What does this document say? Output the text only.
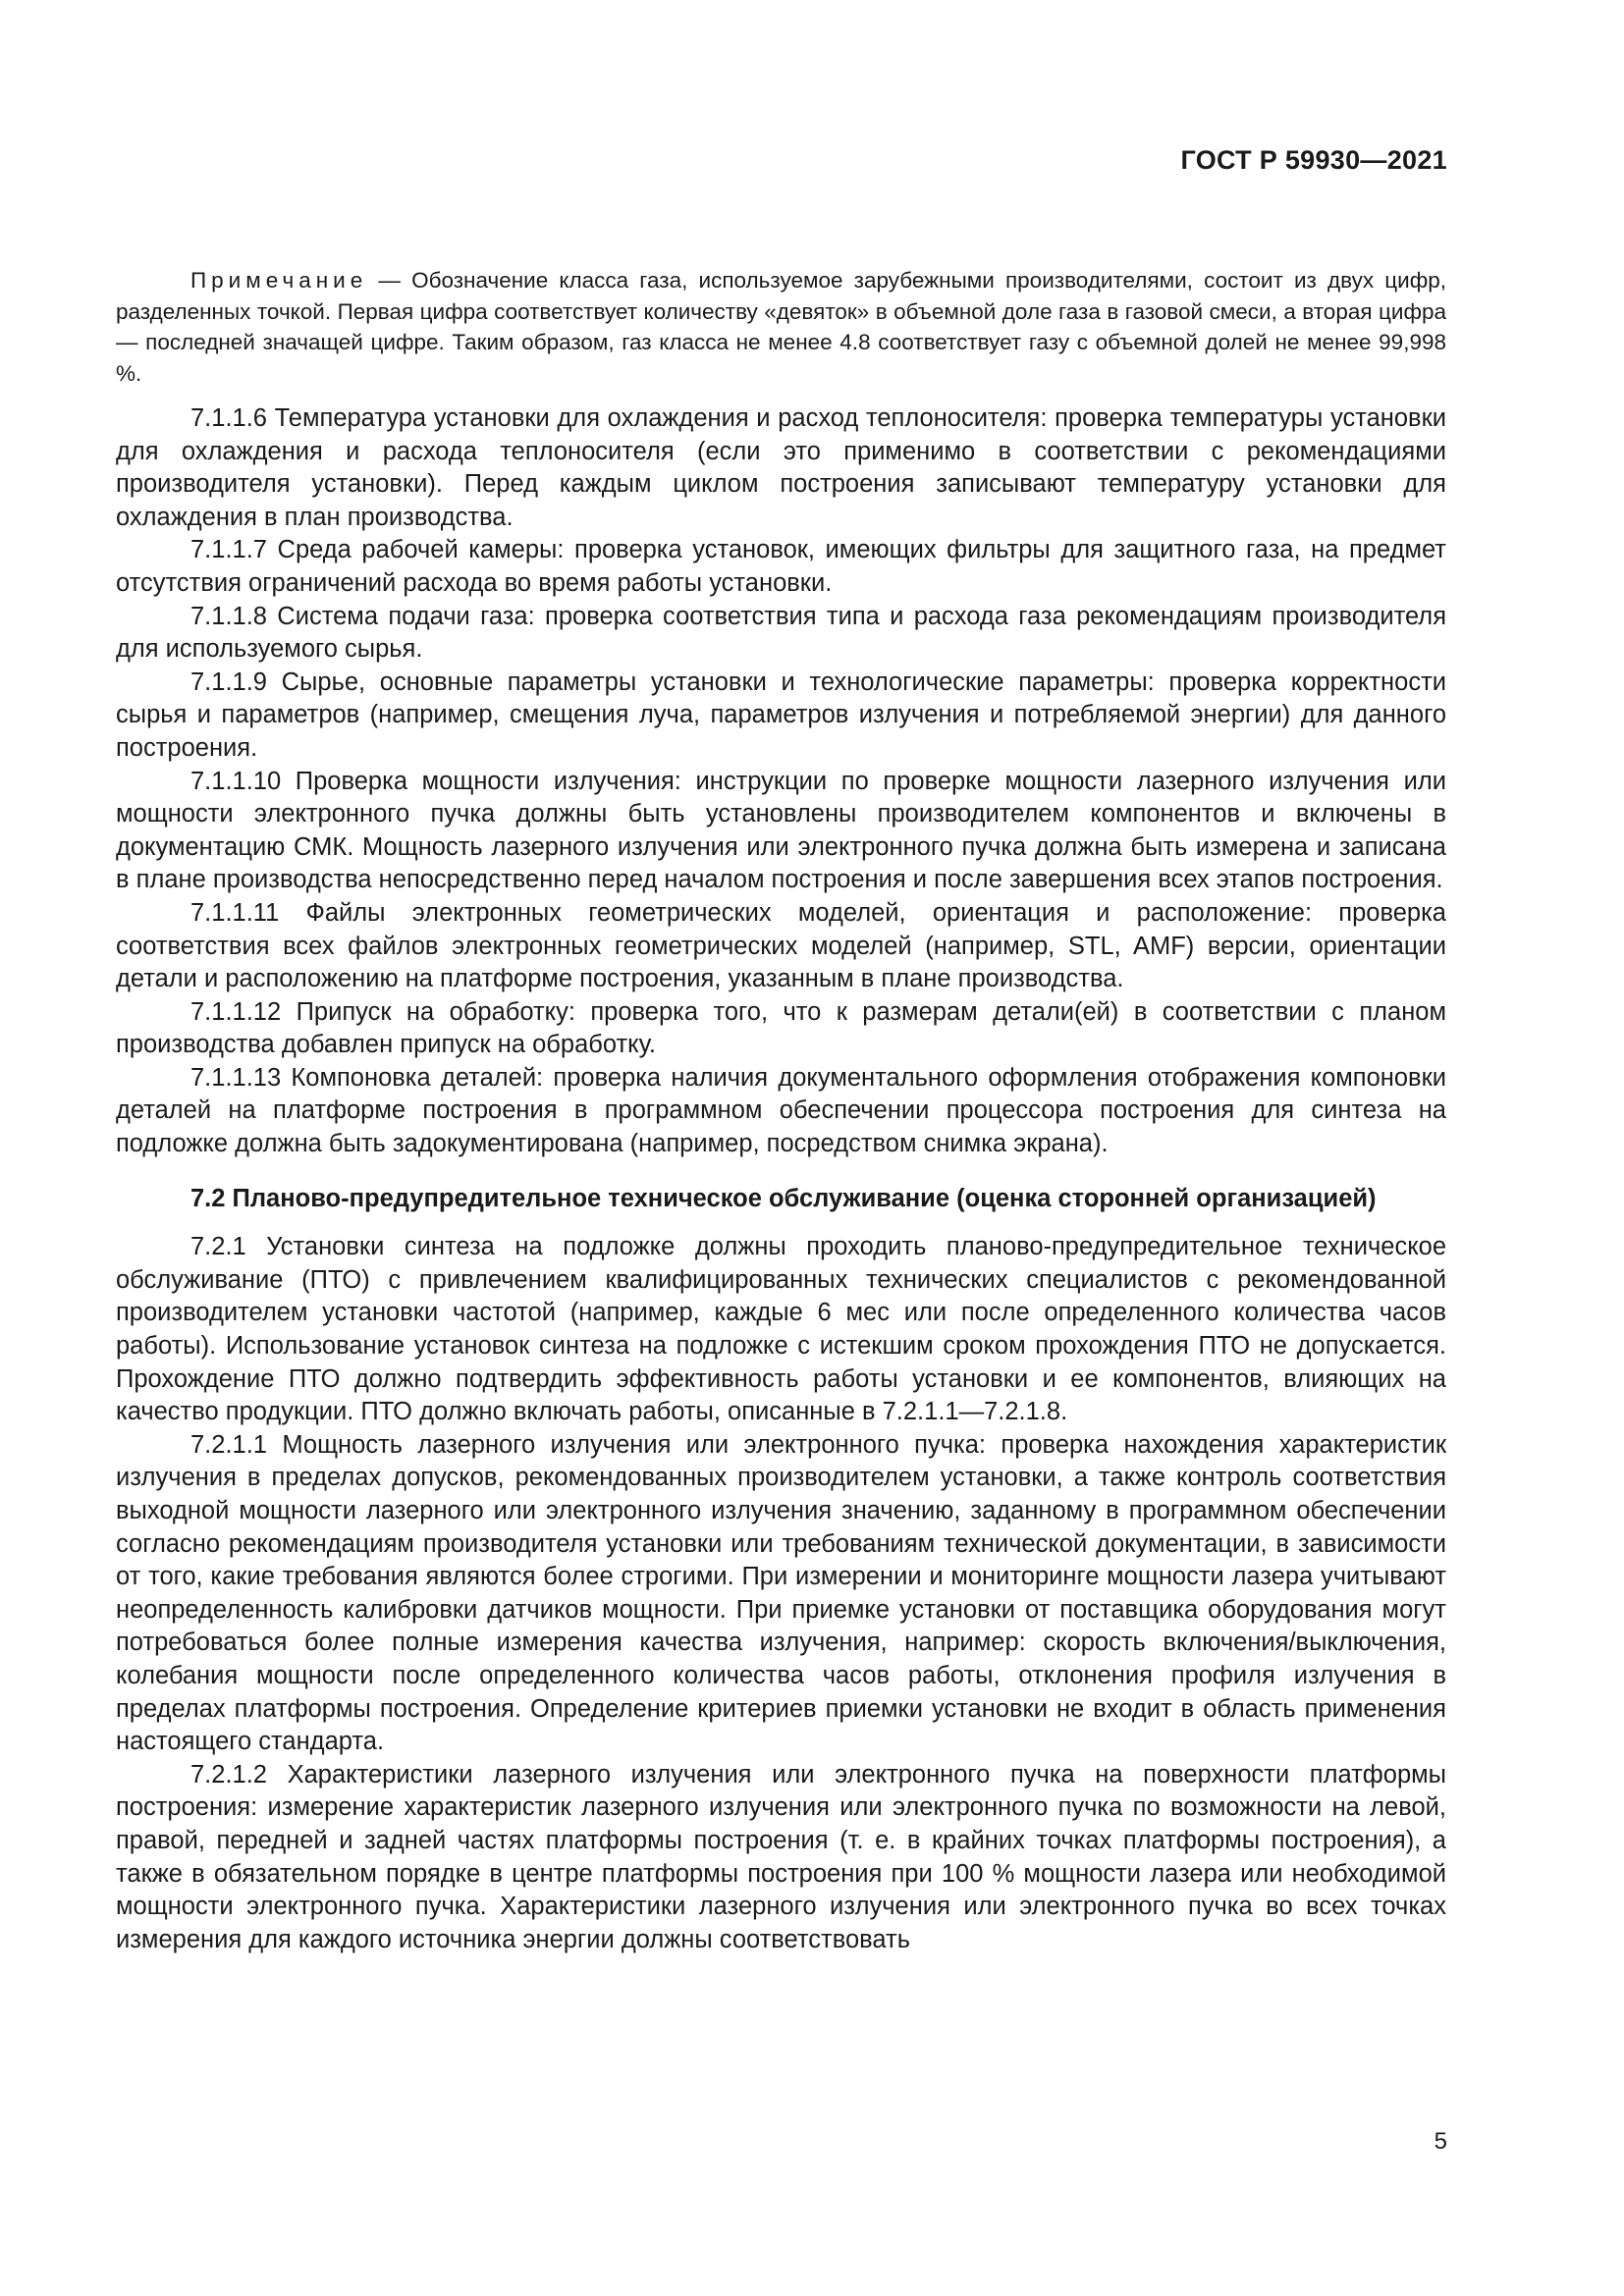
ГОСТ Р 59930—2021

Примечание — Обозначение класса газа, используемое зарубежными производителями, состоит из двух цифр, разделенных точкой. Первая цифра соответствует количеству «девяток» в объемной доле газа в газовой смеси, а вторая цифра — последней значащей цифре. Таким образом, газ класса не менее 4.8 соответствует газу с объемной долей не менее 99,998 %.

7.1.1.6 Температура установки для охлаждения и расход теплоносителя: проверка температуры установки для охлаждения и расхода теплоносителя (если это применимо в соответствии с рекомендациями производителя установки). Перед каждым циклом построения записывают температуру установки для охлаждения в план производства.

7.1.1.7 Среда рабочей камеры: проверка установок, имеющих фильтры для защитного газа, на предмет отсутствия ограничений расхода во время работы установки.

7.1.1.8 Система подачи газа: проверка соответствия типа и расхода газа рекомендациям производителя для используемого сырья.

7.1.1.9 Сырье, основные параметры установки и технологические параметры: проверка корректности сырья и параметров (например, смещения луча, параметров излучения и потребляемой энергии) для данного построения.

7.1.1.10 Проверка мощности излучения: инструкции по проверке мощности лазерного излучения или мощности электронного пучка должны быть установлены производителем компонентов и включены в документацию СМК. Мощность лазерного излучения или электронного пучка должна быть измерена и записана в плане производства непосредственно перед началом построения и после завершения всех этапов построения.

7.1.1.11 Файлы электронных геометрических моделей, ориентация и расположение: проверка соответствия всех файлов электронных геометрических моделей (например, STL, AMF) версии, ориентации детали и расположению на платформе построения, указанным в плане производства.

7.1.1.12 Припуск на обработку: проверка того, что к размерам детали(ей) в соответствии с планом производства добавлен припуск на обработку.

7.1.1.13 Компоновка деталей: проверка наличия документального оформления отображения компоновки деталей на платформе построения в программном обеспечении процессора построения для синтеза на подложке должна быть задокументирована (например, посредством снимка экрана).

7.2 Планово-предупредительное техническое обслуживание (оценка сторонней организацией)

7.2.1 Установки синтеза на подложке должны проходить планово-предупредительное техническое обслуживание (ПТО) с привлечением квалифицированных технических специалистов с рекомендованной производителем установки частотой (например, каждые 6 мес или после определенного количества часов работы). Использование установок синтеза на подложке с истекшим сроком прохождения ПТО не допускается. Прохождение ПТО должно подтвердить эффективность работы установки и ее компонентов, влияющих на качество продукции. ПТО должно включать работы, описанные в 7.2.1.1—7.2.1.8.

7.2.1.1 Мощность лазерного излучения или электронного пучка: проверка нахождения характеристик излучения в пределах допусков, рекомендованных производителем установки, а также контроль соответствия выходной мощности лазерного или электронного излучения значению, заданному в программном обеспечении согласно рекомендациям производителя установки или требованиям технической документации, в зависимости от того, какие требования являются более строгими. При измерении и мониторинге мощности лазера учитывают неопределенность калибровки датчиков мощности. При приемке установки от поставщика оборудования могут потребоваться более полные измерения качества излучения, например: скорость включения/выключения, колебания мощности после определенного количества часов работы, отклонения профиля излучения в пределах платформы построения. Определение критериев приемки установки не входит в область применения настоящего стандарта.

7.2.1.2 Характеристики лазерного излучения или электронного пучка на поверхности платформы построения: измерение характеристик лазерного излучения или электронного пучка по возможности на левой, правой, передней и задней частях платформы построения (т. е. в крайних точках платформы построения), а также в обязательном порядке в центре платформы построения при 100 % мощности лазера или необходимой мощности электронного пучка. Характеристики лазерного излучения или электронного пучка во всех точках измерения для каждого источника энергии должны соответствовать

5
